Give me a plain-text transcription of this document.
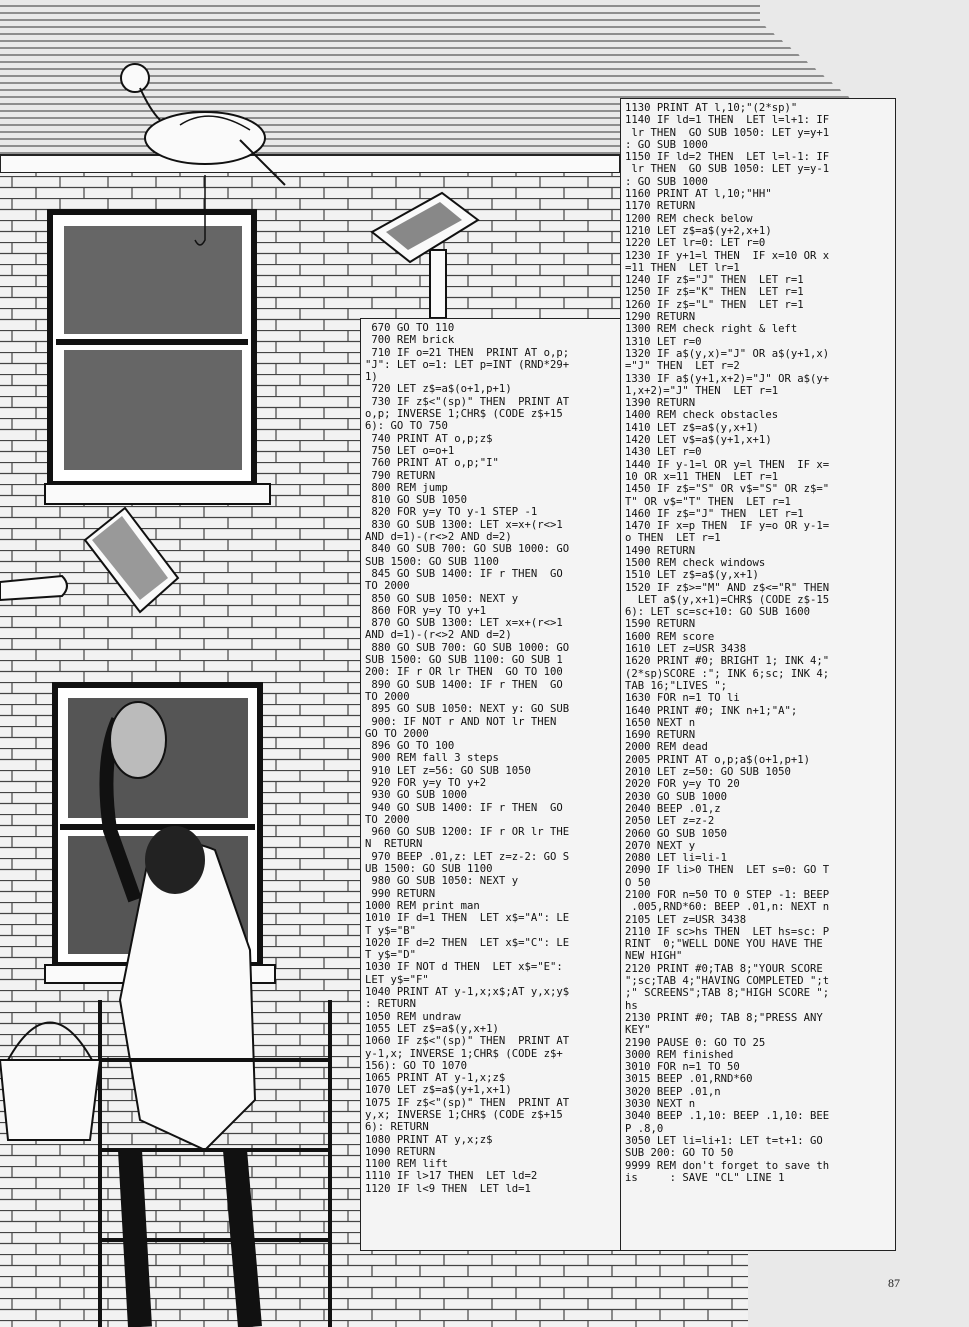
670 GO TO 110
700 REM brick
710 IF o=21 THEN  PRINT AT o,p;
"J": LET o=1: LET p=INT (RND*29+
1)
720 LET z$=a$(o+1,p+1)
730 IF z$<"(sp)" THEN  PRINT AT
o,p; INVERSE 1;CHR$ (CODE z$+15
6): GO TO 750
740 PRINT AT o,p;z$
750 LET o=o+1
760 PRINT AT o,p;"I"
790 RETURN
800 REM jump
810 GO SUB 1050
820 FOR y=y TO y-1 STEP -1
830 GO SUB 1300: LET x=x+(r<>1
AND d=1)-(r<>2 AND d=2)
840 GO SUB 700: GO SUB 1000: GO
SUB 1500: GO SUB 1100
845 GO SUB 1400: IF r THEN  GO
TO 2000
850 GO SUB 1050: NEXT y
860 FOR y=y TO y+1
870 GO SUB 1300: LET x=x+(r<>1
AND d=1)-(r<>2 AND d=2)
880 GO SUB 700: GO SUB 1000: GO
SUB 1500: GO SUB 1100: GO SUB 1
200: IF r OR lr THEN  GO TO 100
890 GO SUB 1400: IF r THEN  GO
TO 2000
895 GO SUB 1050: NEXT y: GO SUB
900: IF NOT r AND NOT lr THEN
GO TO 2000
896 GO TO 100
900 REM fall 3 steps
910 LET z=56: GO SUB 1050
920 FOR y=y TO y+2
930 GO SUB 1000
940 GO SUB 1400: IF r THEN  GO
TO 2000
960 GO SUB 1200: IF r OR lr THE
N  RETURN
970 BEEP .01,z: LET z=z-2: GO S
UB 1500: GO SUB 1100
980 GO SUB 1050: NEXT y
990 RETURN
1000 REM print man
1010 IF d=1 THEN  LET x$="A": LE
T y$="B"
1020 IF d=2 THEN  LET x$="C": LE
T y$="D"
1030 IF NOT d THEN  LET x$="E":
LET y$="F"
1040 PRINT AT y-1,x;x$;AT y,x;y$
: RETURN
1050 REM undraw
1055 LET z$=a$(y,x+1)
1060 IF z$<"(sp)" THEN  PRINT AT
y-1,x; INVERSE 1;CHR$ (CODE z$+
156): GO TO 1070
1065 PRINT AT y-1,x;z$
1070 LET z$=a$(y+1,x+1)
1075 IF z$<"(sp)" THEN  PRINT AT
y,x; INVERSE 1;CHR$ (CODE z$+15
6): RETURN
1080 PRINT AT y,x;z$
1090 RETURN
1100 REM lift
1110 IF l>17 THEN  LET ld=2
1120 IF l<9 THEN  LET ld=1
1130 PRINT AT l,10;"(2*sp)"
1140 IF ld=1 THEN  LET l=l+1: IF
lr THEN  GO SUB 1050: LET y=y+1
: GO SUB 1000
1150 IF ld=2 THEN  LET l=l-1: IF
lr THEN  GO SUB 1050: LET y=y-1
: GO SUB 1000
1160 PRINT AT l,10;"HH"
1170 RETURN
1200 REM check below
1210 LET z$=a$(y+2,x+1)
1220 LET lr=0: LET r=0
1230 IF y+1=l THEN  IF x=10 OR x
=11 THEN  LET lr=1
1240 IF z$="J" THEN  LET r=1
1250 IF z$="K" THEN  LET r=1
1260 IF z$="L" THEN  LET r=1
1290 RETURN
1300 REM check right & left
1310 LET r=0
1320 IF a$(y,x)="J" OR a$(y+1,x)
="J" THEN  LET r=2
1330 IF a$(y+1,x+2)="J" OR a$(y+
1,x+2)="J" THEN  LET r=1
1390 RETURN
1400 REM check obstacles
1410 LET z$=a$(y,x+1)
1420 LET v$=a$(y+1,x+1)
1430 LET r=0
1440 IF y-1=l OR y=l THEN  IF x=
10 OR x=11 THEN  LET r=1
1450 IF z$="S" OR v$="S" OR z$="
T" OR v$="T" THEN  LET r=1
1460 IF z$="J" THEN  LET r=1
1470 IF x=p THEN  IF y=o OR y-1=
o THEN  LET r=1
1490 RETURN
1500 REM check windows
1510 LET z$=a$(y,x+1)
1520 IF z$>="M" AND z$<="R" THEN
LET a$(y,x+1)=CHR$ (CODE z$-15
6): LET sc=sc+10: GO SUB 1600
1590 RETURN
1600 REM score
1610 LET z=USR 3438
1620 PRINT #0; BRIGHT 1; INK 4;"
(2*sp)SCORE :"; INK 6;sc; INK 4;
TAB 16;"LIVES ";
1630 FOR n=1 TO li
1640 PRINT #0; INK n+1;"A";
1650 NEXT n
1690 RETURN
2000 REM dead
2005 PRINT AT o,p;a$(o+1,p+1)
2010 LET z=50: GO SUB 1050
2020 FOR y=y TO 20
2030 GO SUB 1000
2040 BEEP .01,z
2050 LET z=z-2
2060 GO SUB 1050
2070 NEXT y
2080 LET li=li-1
2090 IF li>0 THEN  LET s=0: GO T
O 50
2100 FOR n=50 TO 0 STEP -1: BEEP
.005,RND*60: BEEP .01,n: NEXT n
2105 LET z=USR 3438
2110 IF sc>hs THEN  LET hs=sc: P
RINT  0;"WELL DONE YOU HAVE THE
NEW HIGH"
2120 PRINT #0;TAB 8;"YOUR SCORE
";sc;TAB 4;"HAVING COMPLETED ";t
;" SCREENS";TAB 8;"HIGH SCORE ";
hs
2130 PRINT #0; TAB 8;"PRESS ANY
KEY"
2190 PAUSE 0: GO TO 25
3000 REM finished
3010 FOR n=1 TO 50
3015 BEEP .01,RND*60
3020 BEEP .01,n
3030 NEXT n
3040 BEEP .1,10: BEEP .1,10: BEE
P .8,0
3050 LET li=li+1: LET t=t+1: GO
SUB 200: GO TO 50
9999 REM don't forget to save th
is     : SAVE "CL" LINE 1
87
